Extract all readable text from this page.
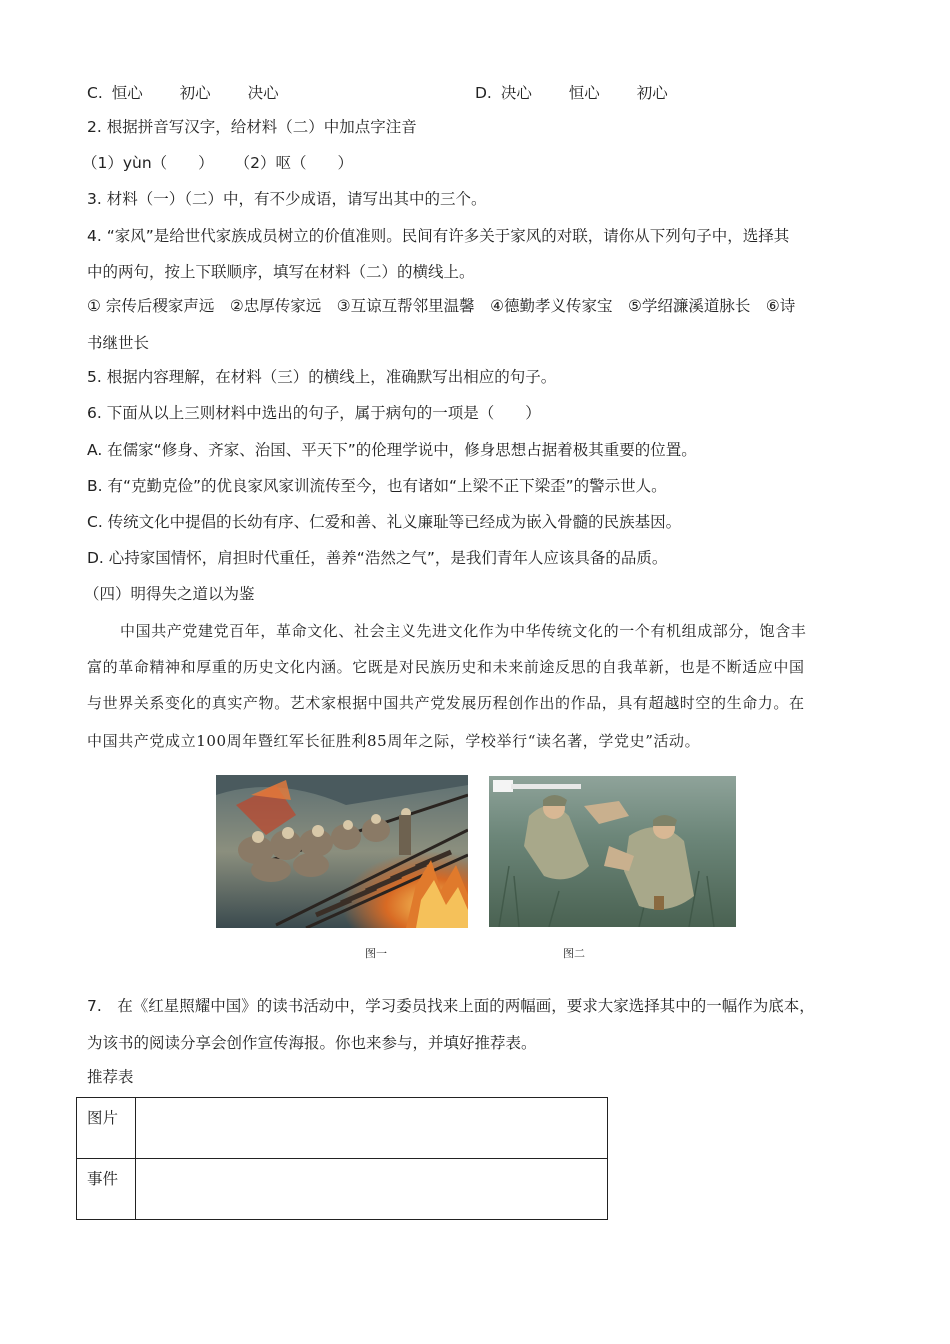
C. 恒心 初心 决心	D. 决心 恒心 初心
2. 根据拼音写汉字，给材料（二）中加点字注音
（1）yùn（　　） （2）呕（　　）
3. 材料（一）（二）中，有不少成语，请写出其中的三个。
4. “家风”是给世代家族成员树立的价值准则。民间有许多关于家风的对联，请你从下列句子中，选择其
中的两句，按上下联顺序，填写在材料（二）的横线上。
① 宗传后稷家声远　②忠厚传家远　③互谅互帮邻里温馨　④德勤孝义传家宝　⑤学绍濂溪道脉长　⑥诗
书继世长
5. 根据内容理解，在材料（三）的横线上，准确默写出相应的句子。
6. 下面从以上三则材料中选出的句子，属于病句的一项是（　　）
A. 在儒家“修身、齐家、治国、平天下”的伦理学说中，修身思想占据着极其重要的位置。
B. 有“克勤克俭”的优良家风家训流传至今，也有诸如“上梁不正下梁歪”的警示世人。
C. 传统文化中提倡的长幼有序、仁爱和善、礼义廉耻等已经成为嵌入骨髓的民族基因。
D. 心持家国情怀，肩担时代重任，善养“浩然之气”，是我们青年人应该具备的品质。
（四）明得失之道以为鉴
中国共产党建党百年，革命文化、社会主义先进文化作为中华传统文化的一个有机组成部分，饱含丰
富的革命精神和厚重的历史文化内涵。它既是对民族历史和未来前途反思的自我革新，也是不断适应中国
与世界关系变化的真实产物。艺术家根据中国共产党发展历程创作出的作品，具有超越时空的生命力。在
中国共产党成立100周年暨红军长征胜利85周年之际，学校举行“读名著，学党史”活动。
图一	图二
7.　在《红星照耀中国》的读书活动中，学习委员找来上面的两幅画，要求大家选择其中的一幅作为底本，
为该书的阅读分享会创作宣传海报。你也来参与，并填好推荐表。
推荐表
图片	
事件	
